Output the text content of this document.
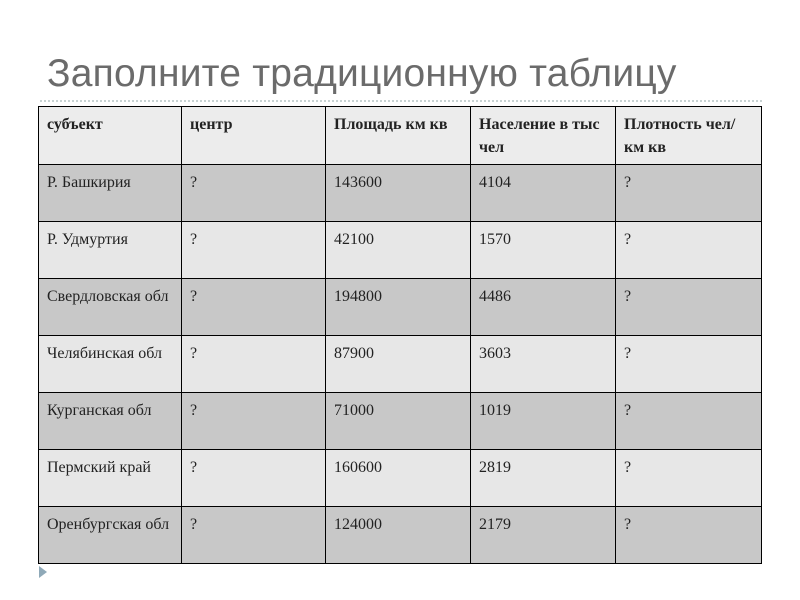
Заполните традиционную таблицу
субъект	центр	Площадь км кв	Население в тыс чел	Плотность чел/км кв
Р. Башкирия	?	143600	4104	?
Р. Удмуртия	?	42100	1570	?
Свердловская обл	?	194800	4486	?
Челябинская обл	?	87900	3603	?
Курганская обл	?	71000	1019	?
Пермский край	?	160600	2819	?
Оренбургская обл	?	124000	2179	?
